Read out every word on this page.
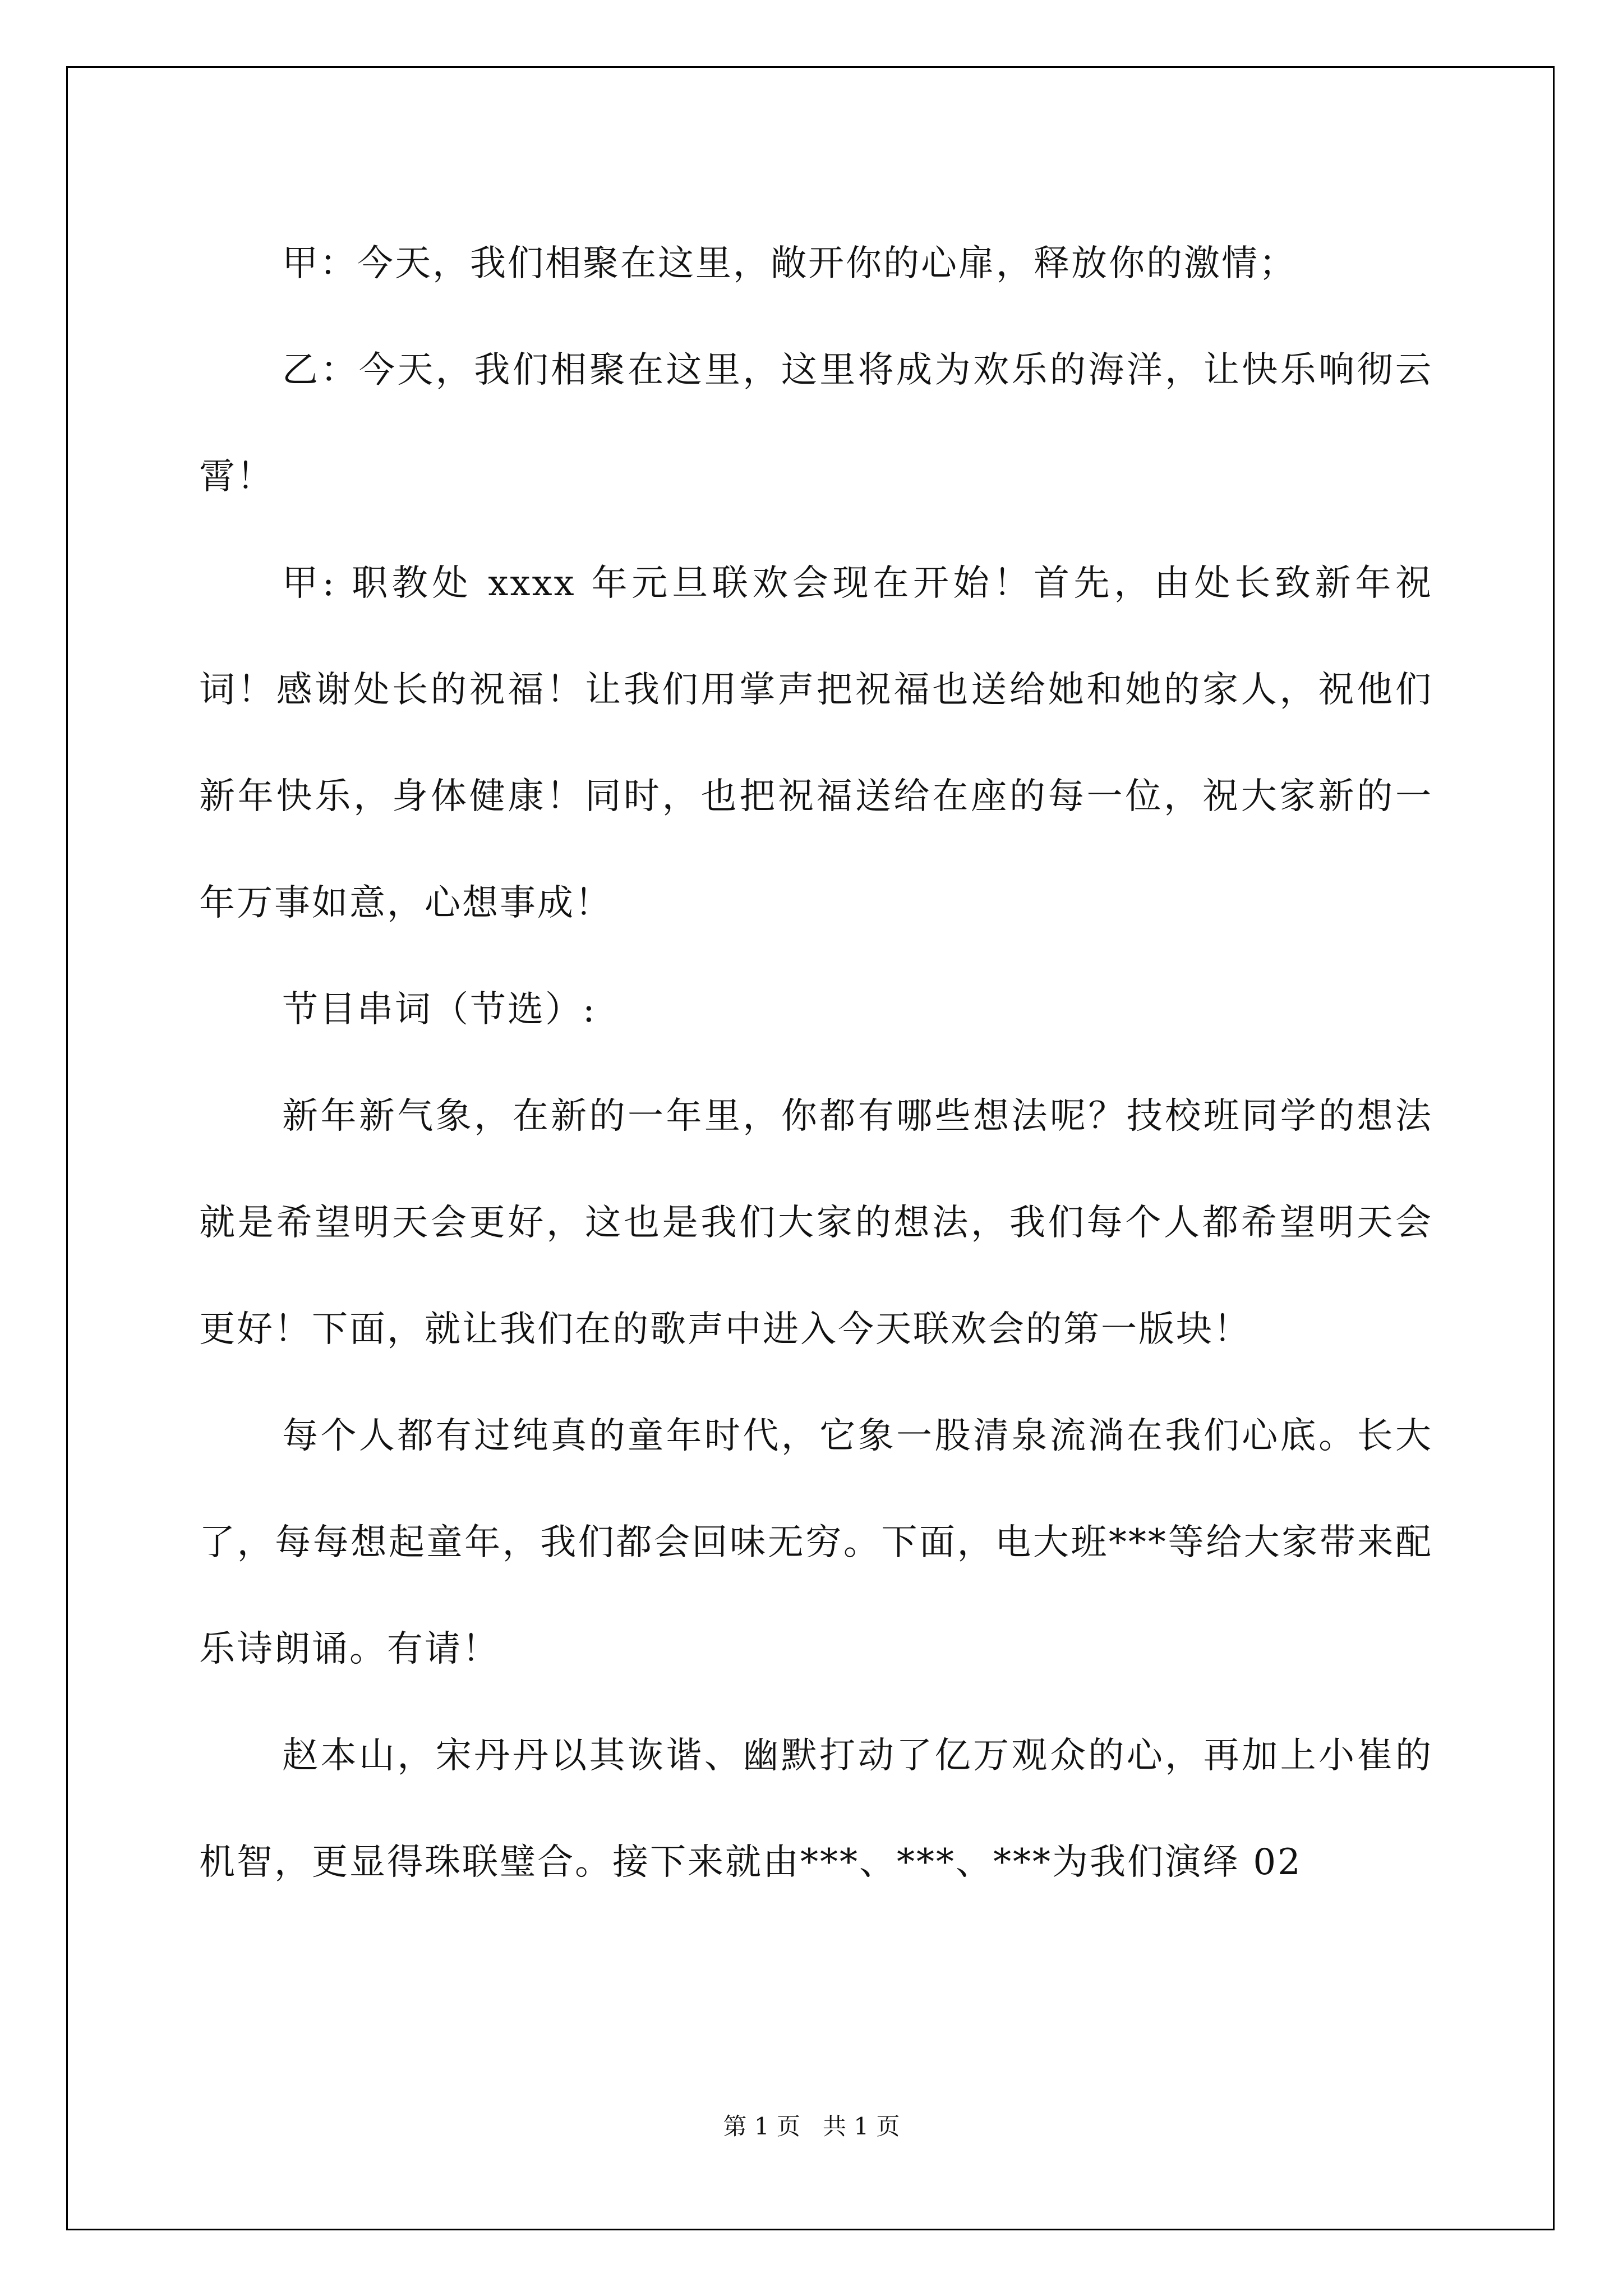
甲：今天，我们相聚在这里，敞开你的心扉，释放你的激情；

乙：今天，我们相聚在这里，这里将成为欢乐的海洋，让快乐响彻云霄！

甲: 职教处 xxxx 年元旦联欢会现在开始！首先，由处长致新年祝词！感谢处长的祝福！让我们用掌声把祝福也送给她和她的家人，祝他们新年快乐，身体健康！同时，也把祝福送给在座的每一位，祝大家新的一年万事如意，心想事成！

节目串词（节选）:

新年新气象，在新的一年里，你都有哪些想法呢？技校班同学的想法就是希望明天会更好，这也是我们大家的想法，我们每个人都希望明天会更好！下面，就让我们在的歌声中进入今天联欢会的第一版块！

每个人都有过纯真的童年时代，它象一股清泉流淌在我们心底。长大了，每每想起童年，我们都会回味无穷。下面，电大班***等给大家带来配乐诗朗诵。有请！

赵本山，宋丹丹以其诙谐、幽默打动了亿万观众的心，再加上小崔的机智，更显得珠联璧合。接下来就由***、***、***为我们演绎 02

第 1 页   共 1 页
